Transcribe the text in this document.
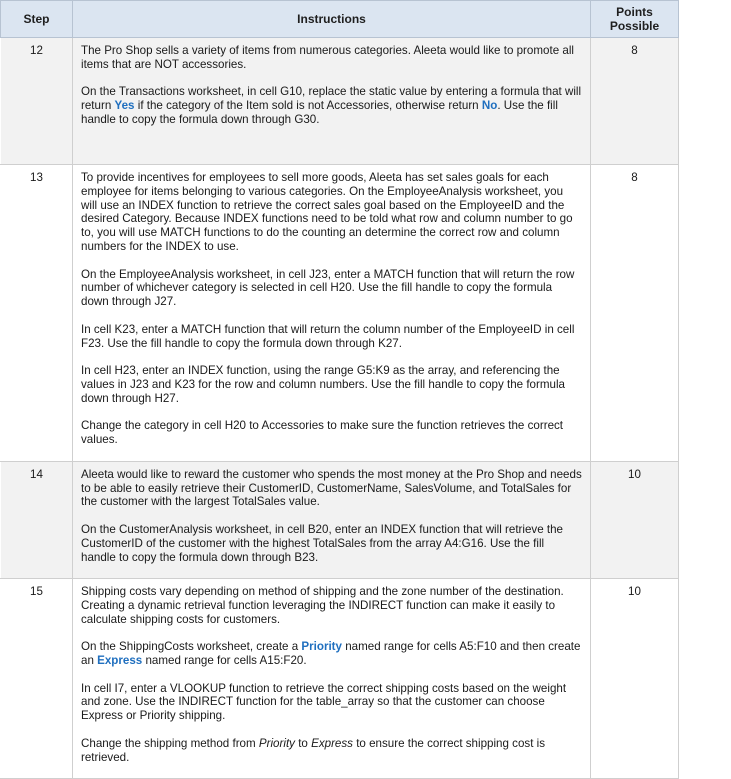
Step	Instructions	Points
Possible
12	The Pro Shop sells a variety of items from numerous categories. Aleeta would like to promote all items that are NOT accessories.

On the Transactions worksheet, in cell G10, replace the static value by entering a formula that will return Yes if the category of the Item sold is not Accessories, otherwise return No. Use the fill handle to copy the formula down through G30.	8
13	To provide incentives for employees to sell more goods, Aleeta has set sales goals for each employee for items belonging to various categories. On the EmployeeAnalysis worksheet, you will use an INDEX function to retrieve the correct sales goal based on the EmployeeID and the desired Category. Because INDEX functions need to be told what row and column number to go to, you will use MATCH functions to do the counting an determine the correct row and column numbers for the INDEX to use.

On the EmployeeAnalysis worksheet, in cell J23, enter a MATCH function that will return the row number of whichever category is selected in cell H20. Use the fill handle to copy the formula down through J27.

In cell K23, enter a MATCH function that will return the column number of the EmployeeID in cell F23. Use the fill handle to copy the formula down through K27.

In cell H23, enter an INDEX function, using the range G5:K9 as the array, and referencing the values in J23 and K23 for the row and column numbers. Use the fill handle to copy the formula down through H27.

Change the category in cell H20 to Accessories to make sure the function retrieves the correct values.	8
14	Aleeta would like to reward the customer who spends the most money at the Pro Shop and needs to be able to easily retrieve their CustomerID, CustomerName, SalesVolume, and TotalSales for the customer with the largest TotalSales value.

On the CustomerAnalysis worksheet, in cell B20, enter an INDEX function that will retrieve the CustomerID of the customer with the highest TotalSales from the array A4:G16. Use the fill handle to copy the formula down through B23.	10
15	Shipping costs vary depending on method of shipping and the zone number of the destination. Creating a dynamic retrieval function leveraging the INDIRECT function can make it easily to calculate shipping costs for customers.

On the ShippingCosts worksheet, create a Priority named range for cells A5:F10 and then create an Express named range for cells A15:F20.

In cell I7, enter a VLOOKUP function to retrieve the correct shipping costs based on the weight and zone. Use the INDIRECT function for the table_array so that the customer can choose Express or Priority shipping.

Change the shipping method from Priority to Express to ensure the correct shipping cost is retrieved.	10
